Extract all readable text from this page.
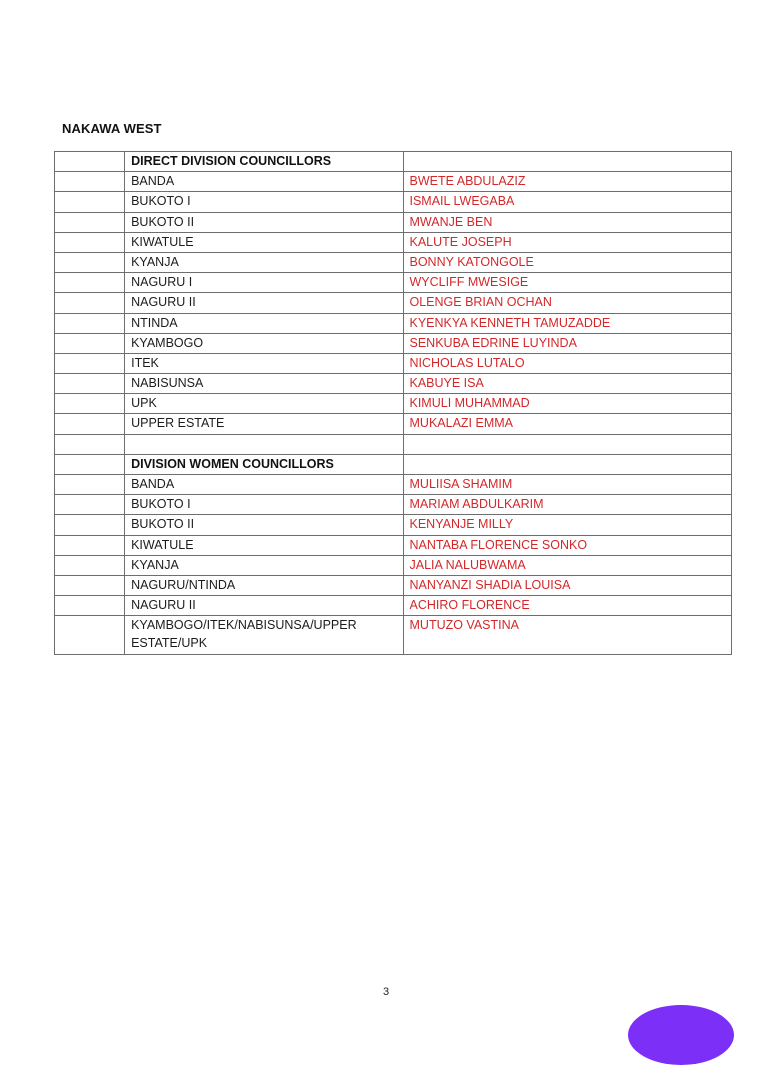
NAKAWA WEST
	DIRECT DIVISION COUNCILLORS	
	BANDA	BWETE ABDULAZIZ
	BUKOTO I	ISMAIL LWEGABA
	BUKOTO II	MWANJE BEN
	KIWATULE	KALUTE JOSEPH
	KYANJA	BONNY KATONGOLE
	NAGURU I	WYCLIFF MWESIGE
	NAGURU II	OLENGE BRIAN OCHAN
	NTINDA	KYENKYA KENNETH TAMUZADDE
	KYAMBOGO	SENKUBA EDRINE LUYINDA
	ITEK	NICHOLAS LUTALO
	NABISUNSA	KABUYE ISA
	UPK	KIMULI MUHAMMAD
	UPPER ESTATE	MUKALAZI EMMA

	DIVISION WOMEN COUNCILLORS	
	BANDA	MULIISA SHAMIM
	BUKOTO I	MARIAM ABDULKARIM
	BUKOTO II	KENYANJE MILLY
	KIWATULE	NANTABA FLORENCE SONKO
	KYANJA	JALIA NALUBWAMA
	NAGURU/NTINDA	NANYANZI SHADIA LOUISA
	NAGURU II	ACHIRO FLORENCE
	KYAMBOGO/ITEK/NABISUNSA/UPPER ESTATE/UPK	MUTUZO VASTINA
3
